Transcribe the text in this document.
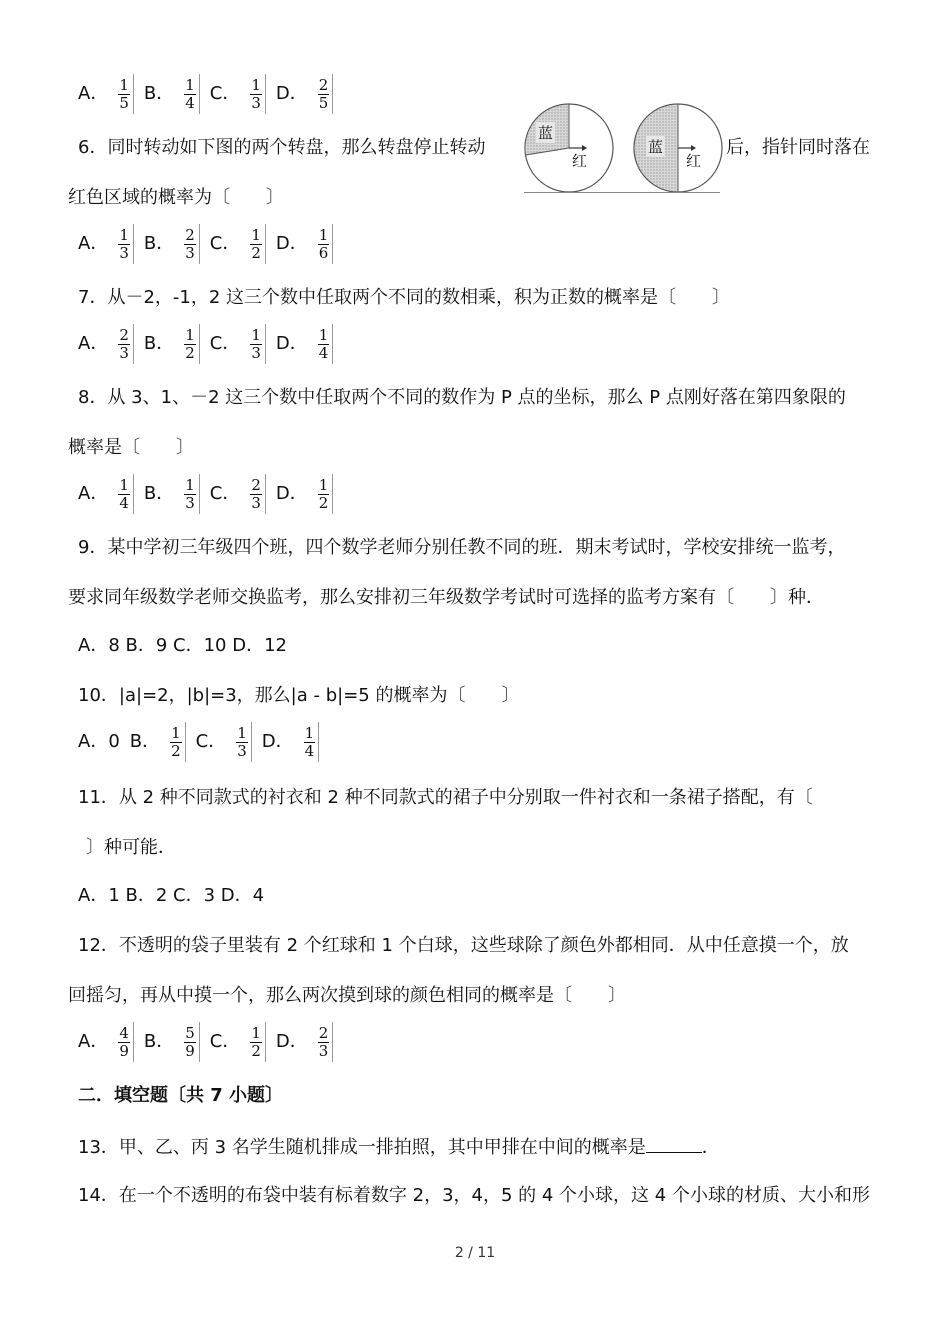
A． $\frac{1}{5}$ B． $\frac{1}{4}$ C． $\frac{1}{3}$ D． $\frac{2}{5}$
6．同时转动如下图的两个转盘，那么转盘停止转动	后，指针同时落在
红色区域的概率为〔　　〕
蓝
红
蓝
红
A． $\frac{1}{3}$ B． $\frac{2}{3}$ C． $\frac{1}{2}$ D． $\frac{1}{6}$
7．从－2，-1，2 这三个数中任取两个不同的数相乘，积为正数的概率是〔　　〕
A． $\frac{2}{3}$ B． $\frac{1}{2}$ C． $\frac{1}{3}$ D． $\frac{1}{4}$
8．从 3、1、－2 这三个数中任取两个不同的数作为 P 点的坐标，那么 P 点刚好落在第四象限的
概率是〔　　〕
A． $\frac{1}{4}$ B． $\frac{1}{3}$ C． $\frac{2}{3}$ D． $\frac{1}{2}$
9．某中学初三年级四个班，四个数学老师分别任教不同的班．期末考试时，学校安排统一监考，
要求同年级数学老师交换监考，那么安排初三年级数学考试时可选择的监考方案有〔　　〕种．
A．8 B．9 C．10 D．12
10．|a|=2，|b|=3，那么|a - b|=5 的概率为〔　　〕
A．0 B． $\frac{1}{2}$ C． $\frac{1}{3}$ D． $\frac{1}{4}$
11．从 2 种不同款式的衬衣和 2 种不同款式的裙子中分别取一件衬衣和一条裙子搭配，有〔
〕种可能．
A．1 B．2 C．3 D．4
12．不透明的袋子里装有 2 个红球和 1 个白球，这些球除了颜色外都相同．从中任意摸一个，放
回摇匀，再从中摸一个，那么两次摸到球的颜色相同的概率是〔　　〕
A． $\frac{4}{9}$ B． $\frac{5}{9}$ C． $\frac{1}{2}$ D． $\frac{2}{3}$
二．填空题〔共 7 小题〕
13．甲、乙、丙 3 名学生随机排成一排拍照，其中甲排在中间的概率是	．
14．在一个不透明的布袋中装有标着数字 2，3，4，5 的 4 个小球，这 4 个小球的材质、大小和形
2 / 11
